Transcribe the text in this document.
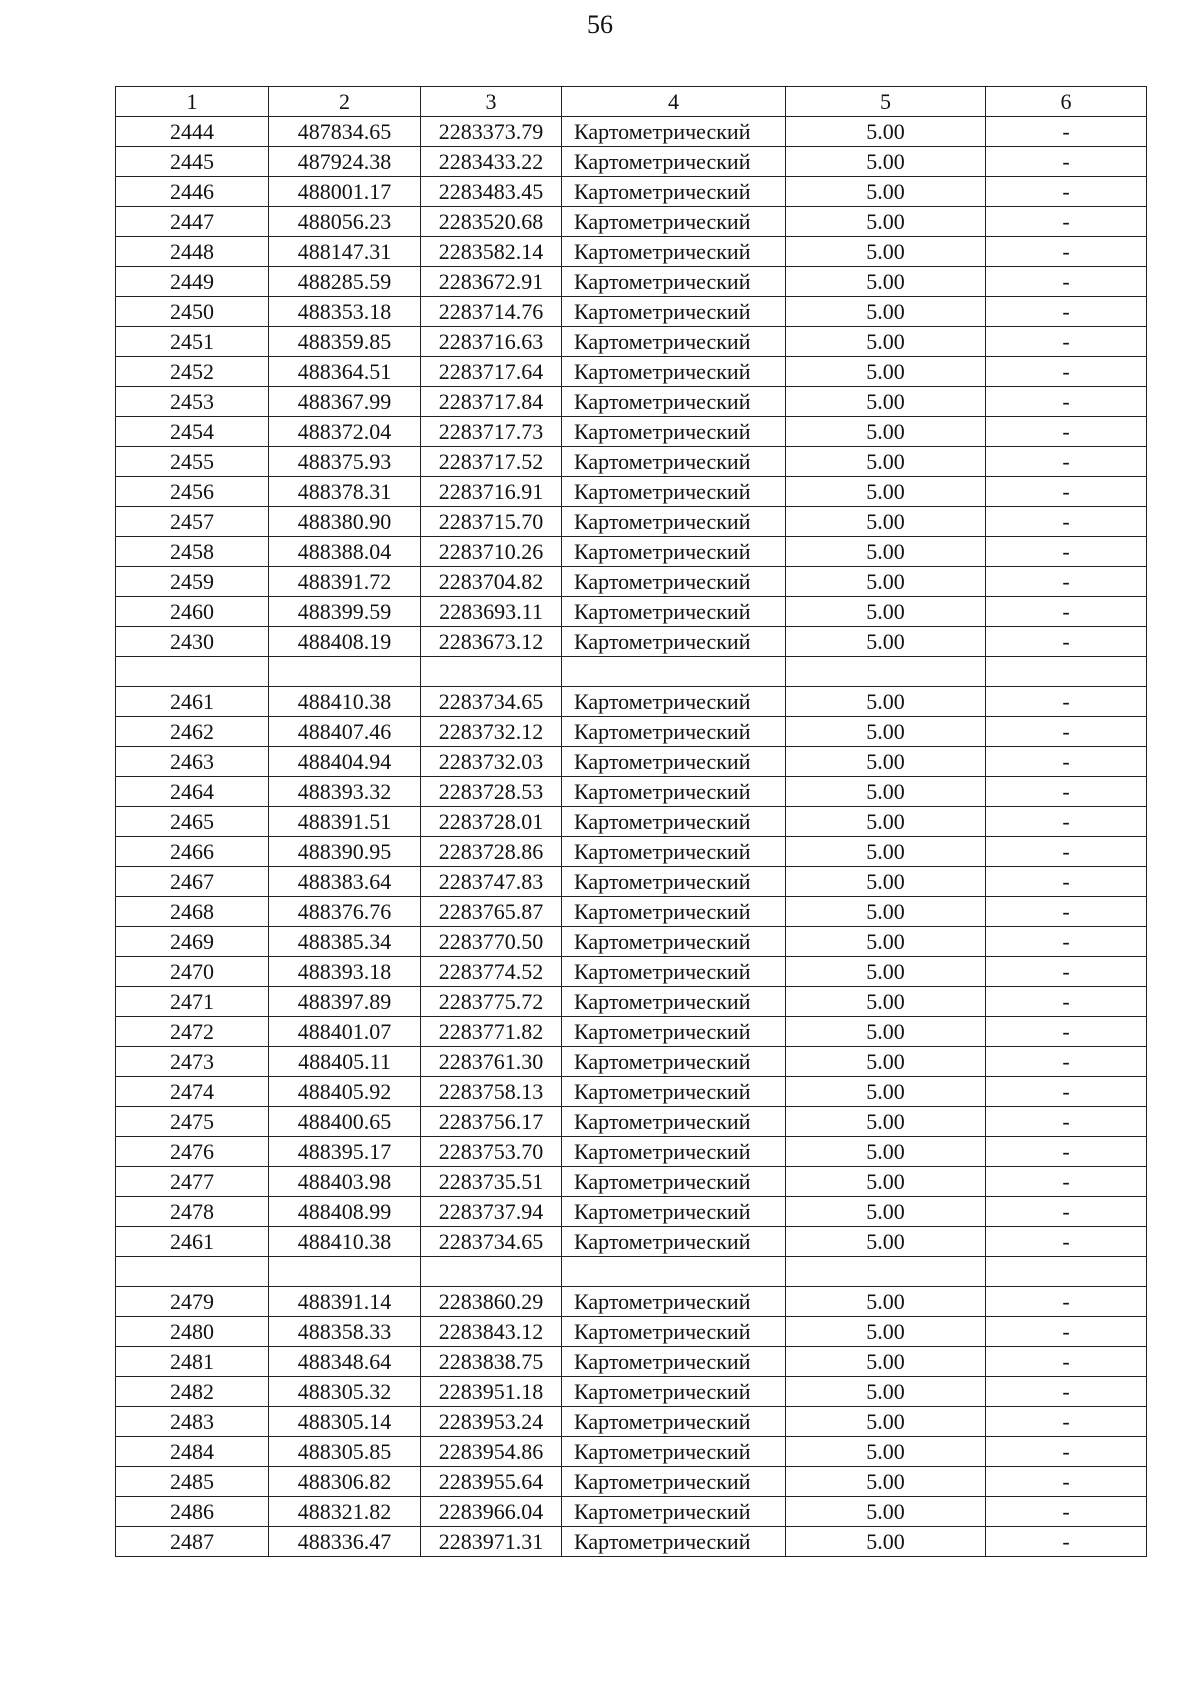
56
1	2	3	4	5	6
2444	487834.65	2283373.79	Картометрический	5.00	-
2445	487924.38	2283433.22	Картометрический	5.00	-
2446	488001.17	2283483.45	Картометрический	5.00	-
2447	488056.23	2283520.68	Картометрический	5.00	-
2448	488147.31	2283582.14	Картометрический	5.00	-
2449	488285.59	2283672.91	Картометрический	5.00	-
2450	488353.18	2283714.76	Картометрический	5.00	-
2451	488359.85	2283716.63	Картометрический	5.00	-
2452	488364.51	2283717.64	Картометрический	5.00	-
2453	488367.99	2283717.84	Картометрический	5.00	-
2454	488372.04	2283717.73	Картометрический	5.00	-
2455	488375.93	2283717.52	Картометрический	5.00	-
2456	488378.31	2283716.91	Картометрический	5.00	-
2457	488380.90	2283715.70	Картометрический	5.00	-
2458	488388.04	2283710.26	Картометрический	5.00	-
2459	488391.72	2283704.82	Картометрический	5.00	-
2460	488399.59	2283693.11	Картометрический	5.00	-
2430	488408.19	2283673.12	Картометрический	5.00	-

2461	488410.38	2283734.65	Картометрический	5.00	-
2462	488407.46	2283732.12	Картометрический	5.00	-
2463	488404.94	2283732.03	Картометрический	5.00	-
2464	488393.32	2283728.53	Картометрический	5.00	-
2465	488391.51	2283728.01	Картометрический	5.00	-
2466	488390.95	2283728.86	Картометрический	5.00	-
2467	488383.64	2283747.83	Картометрический	5.00	-
2468	488376.76	2283765.87	Картометрический	5.00	-
2469	488385.34	2283770.50	Картометрический	5.00	-
2470	488393.18	2283774.52	Картометрический	5.00	-
2471	488397.89	2283775.72	Картометрический	5.00	-
2472	488401.07	2283771.82	Картометрический	5.00	-
2473	488405.11	2283761.30	Картометрический	5.00	-
2474	488405.92	2283758.13	Картометрический	5.00	-
2475	488400.65	2283756.17	Картометрический	5.00	-
2476	488395.17	2283753.70	Картометрический	5.00	-
2477	488403.98	2283735.51	Картометрический	5.00	-
2478	488408.99	2283737.94	Картометрический	5.00	-
2461	488410.38	2283734.65	Картометрический	5.00	-

2479	488391.14	2283860.29	Картометрический	5.00	-
2480	488358.33	2283843.12	Картометрический	5.00	-
2481	488348.64	2283838.75	Картометрический	5.00	-
2482	488305.32	2283951.18	Картометрический	5.00	-
2483	488305.14	2283953.24	Картометрический	5.00	-
2484	488305.85	2283954.86	Картометрический	5.00	-
2485	488306.82	2283955.64	Картометрический	5.00	-
2486	488321.82	2283966.04	Картометрический	5.00	-
2487	488336.47	2283971.31	Картометрический	5.00	-
